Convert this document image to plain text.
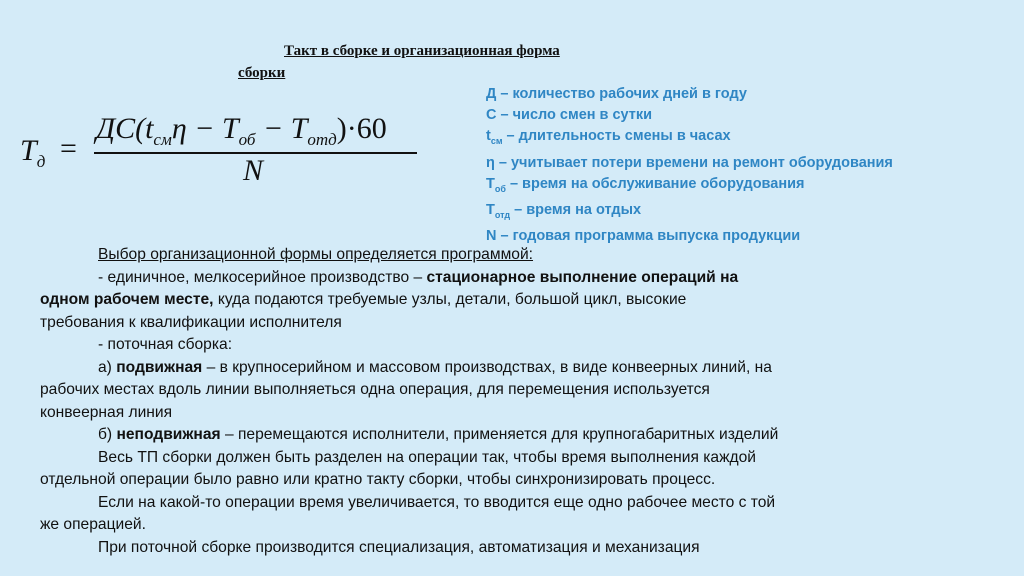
Такт в сборке и организационная форма
сборки
$T_д$ =
$ДС(t_{см}\eta - T_{об} - T_{отд})\cdot 60$
N
Д – количество рабочих дней в году
С – число смен в сутки
$t_{см}$ – длительность смены в часах
η – учитывает потери времени на ремонт оборудования
$Т_{об}$ – время на обслуживание оборудования
$Т_{отд}$ – время на отдых
N – годовая программа выпуска продукции

Выбор организационной формы определяется программой:

- единичное, мелкосерийное производство – стационарное выполнение операций на

одном рабочем месте, куда подаются требуемые узлы, детали, большой цикл, высокие

требования к квалификации исполнителя

- поточная сборка:

а) подвижная – в крупносерийном и массовом производствах, в виде конвеерных линий, на

рабочих местах вдоль линии выполняеться одна операция, для перемещения используется

конвеерная линия

б) неподвижная – перемещаются исполнители, применяется для крупногабаритных изделий

Весь ТП сборки должен быть разделен на операции так, чтобы время выполнения каждой

отдельной операции было равно или кратно такту сборки, чтобы синхронизировать процесс.

Если на какой-то операции время увеличивается, то вводится еще одно рабочее место с той

же операцией.

При поточной сборке производится специализация, автоматизация и механизация
